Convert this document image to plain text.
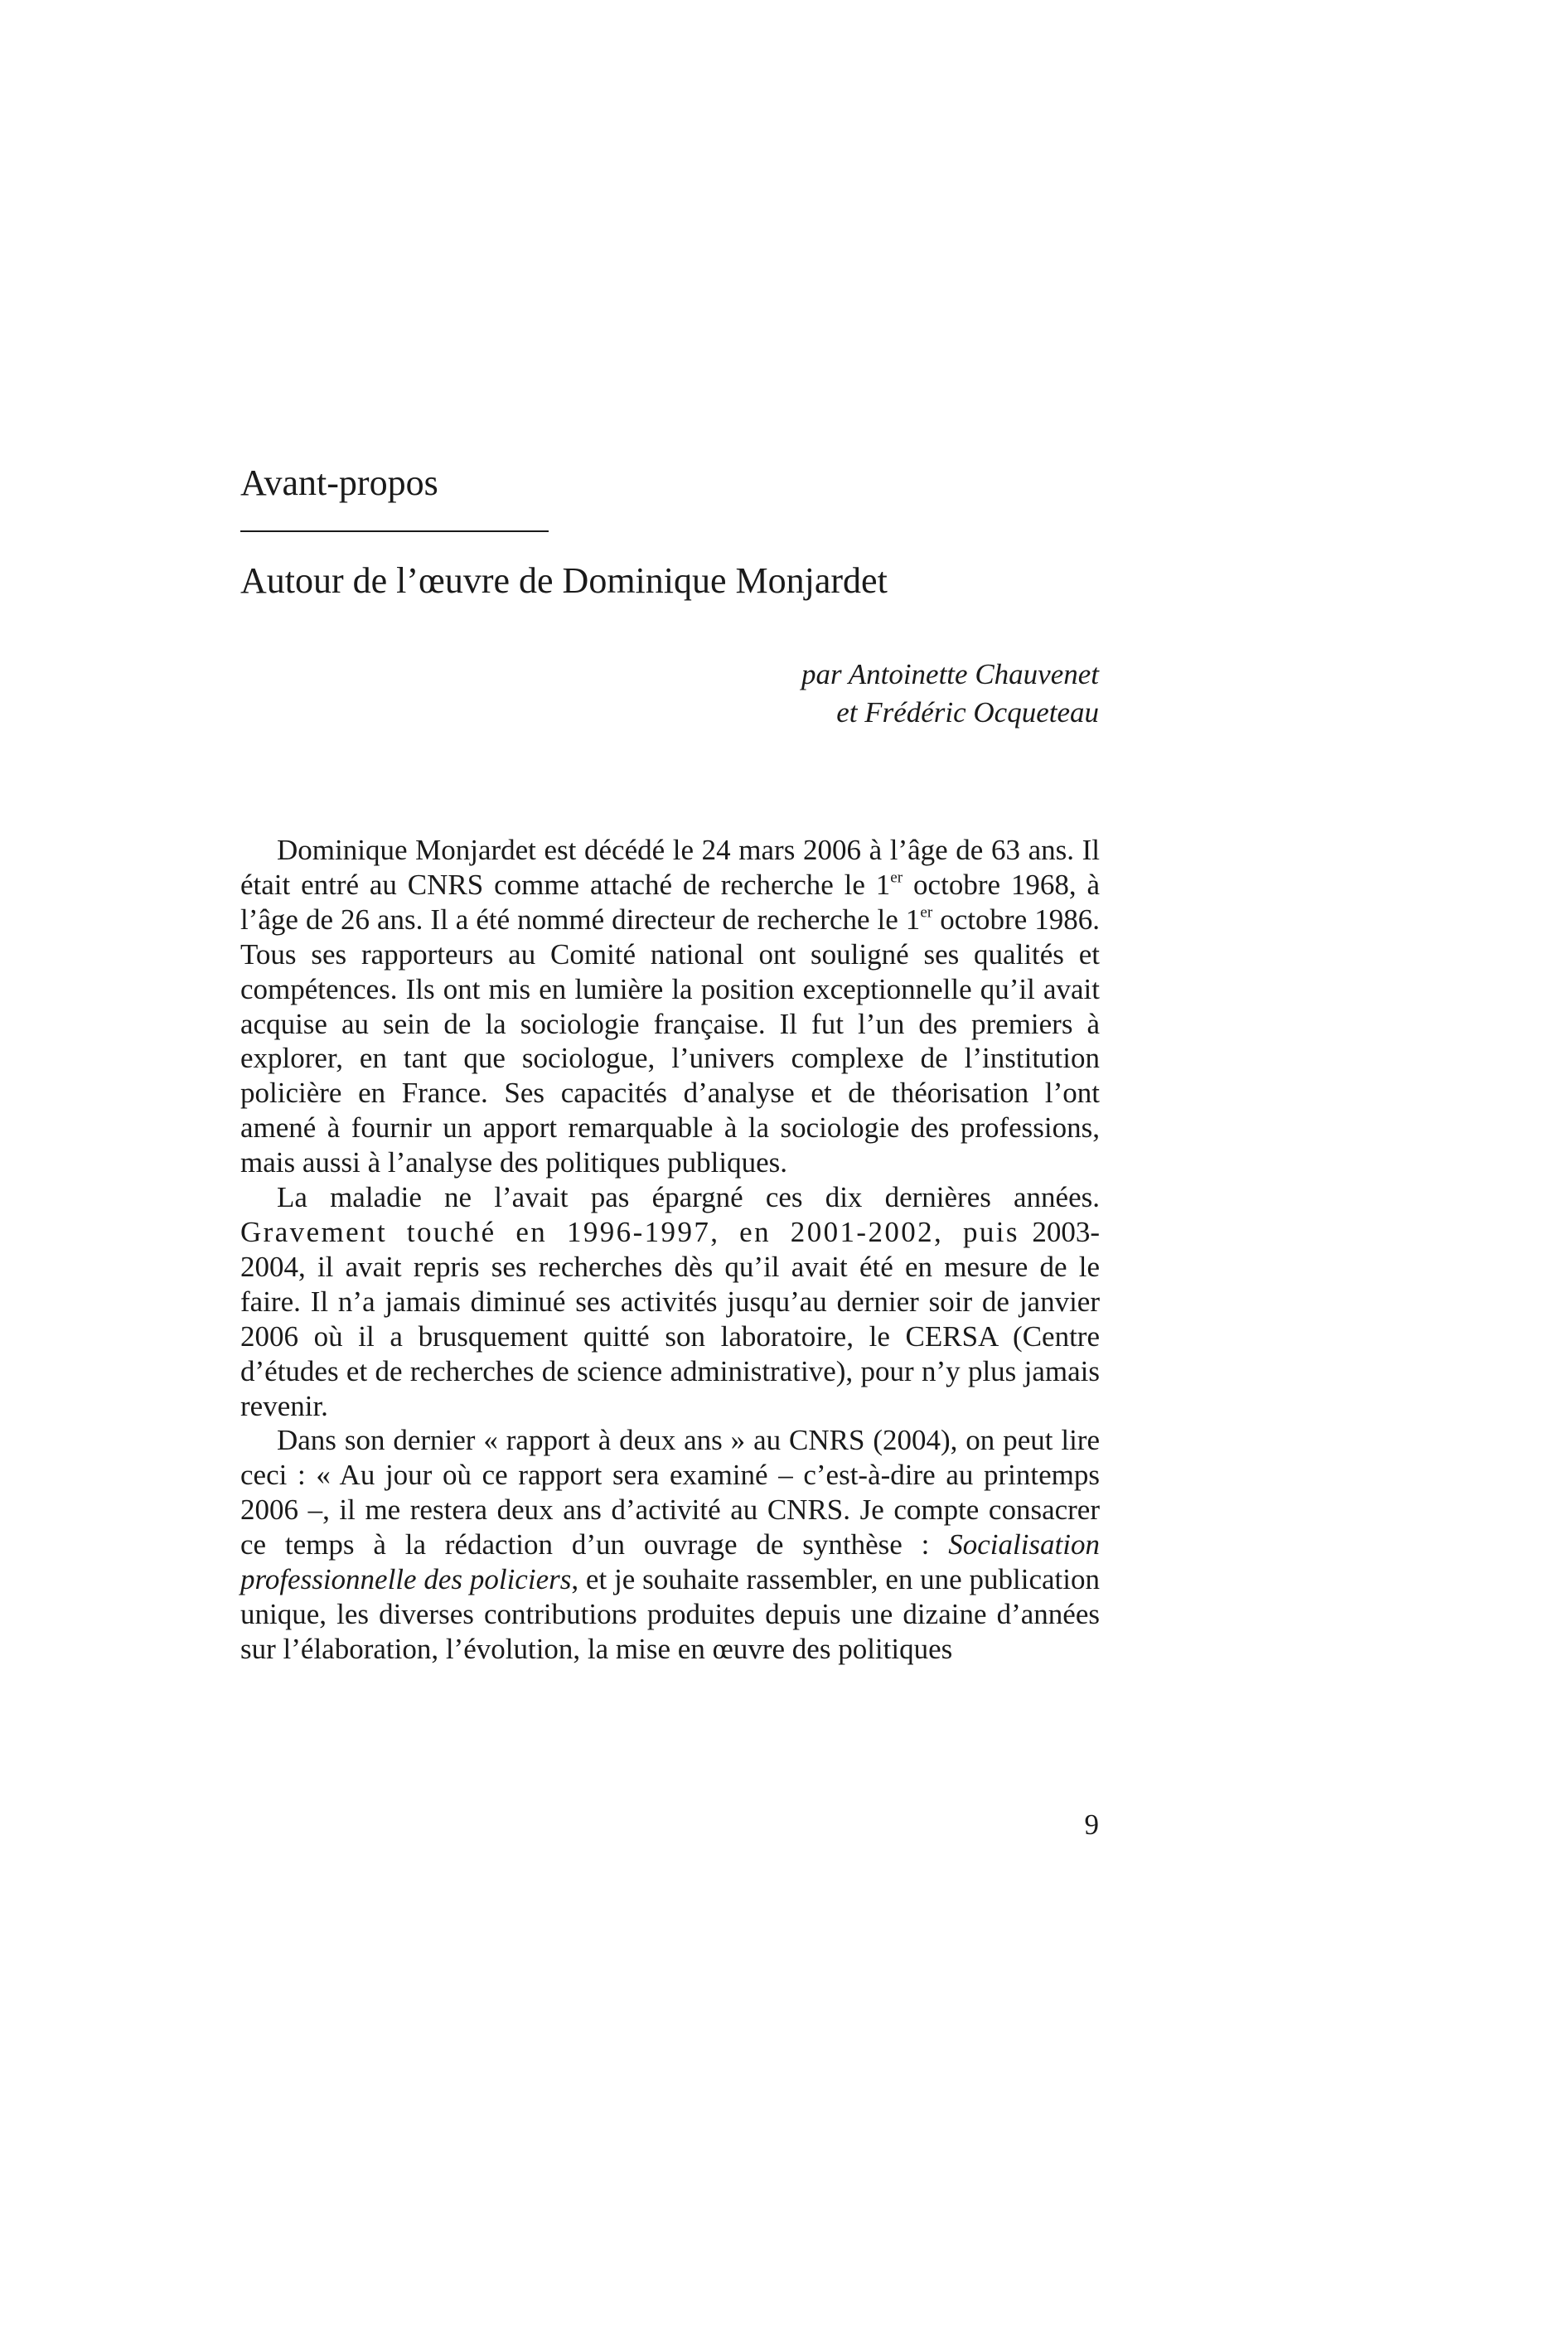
Avant-propos
Autour de l’œuvre de Dominique Monjardet
par Antoinette Chauvenet
et Frédéric Ocqueteau

Dominique Monjardet est décédé le 24 mars 2006 à l’âge de 63 ans. Il était entré au CNRS comme attaché de recherche le 1er octobre 1968, à l’âge de 26 ans. Il a été nommé directeur de recherche le 1er octobre 1986. Tous ses rapporteurs au Comité national ont souligné ses qualités et compétences. Ils ont mis en lumière la position exceptionnelle qu’il avait acquise au sein de la sociologie française. Il fut l’un des premiers à explorer, en tant que sociologue, l’univers complexe de l’institution policière en France. Ses capacités d’analyse et de théorisation l’ont amené à fournir un apport remarquable à la sociologie des professions, mais aussi à l’analyse des politiques publiques.

La maladie ne l’avait pas épargné ces dix dernières années. Gravement touché en 1996-1997, en 2001-2002, puis 2003-2004, il avait repris ses recherches dès qu’il avait été en mesure de le faire. Il n’a jamais diminué ses activités jusqu’au dernier soir de janvier 2006 où il a brusquement quitté son laboratoire, le CERSA (Centre d’études et de recherches de science administrative), pour n’y plus jamais revenir.

Dans son dernier « rapport à deux ans » au CNRS (2004), on peut lire ceci : « Au jour où ce rapport sera examiné – c’est-à-dire au printemps 2006 –, il me restera deux ans d’activité au CNRS. Je compte consacrer ce temps à la rédaction d’un ouvrage de synthèse : Socialisation professionnelle des policiers, et je souhaite rassembler, en une publication unique, les diverses contributions produites depuis une dizaine d’années sur l’élaboration, l’évolution, la mise en œuvre des politiques

9
